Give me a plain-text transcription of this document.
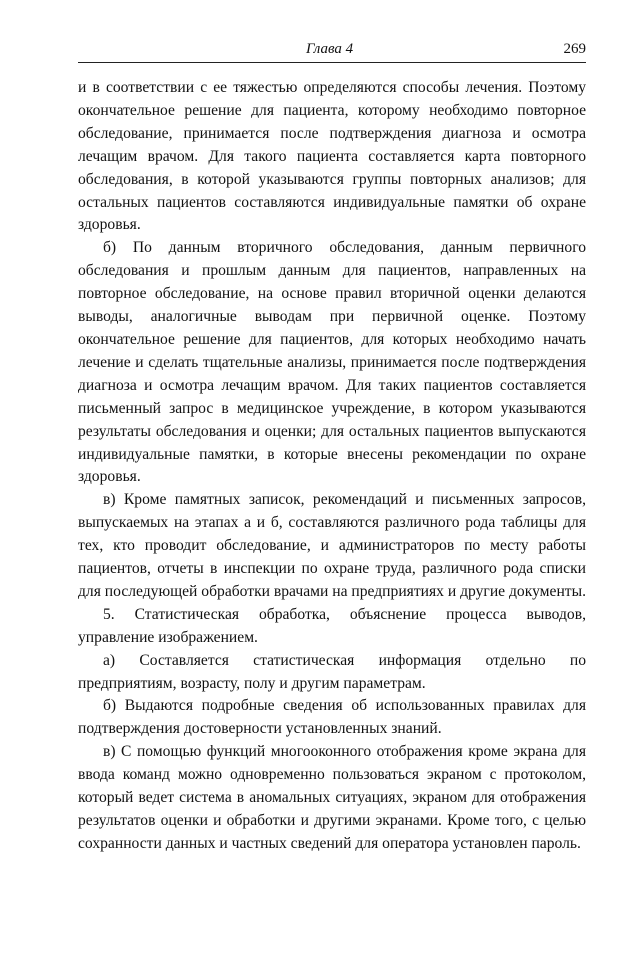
Глава 4	269

и в соответствии с ее тяжестью определяются способы лечения. Поэтому окончательное решение для пациента, которому необходимо повторное обследование, принимается после подтверждения диагноза и осмотра лечащим врачом. Для такого пациента составляется карта повторного обследования, в которой указываются группы повторных анализов; для остальных пациентов составляются индивидуальные памятки об охране здоровья.

б) По данным вторичного обследования, данным первичного обследования и прошлым данным для пациентов, направленных на повторное обследование, на основе правил вторичной оценки делаются выводы, аналогичные выводам при первичной оценке. Поэтому окончательное решение для пациентов, для которых необходимо начать лечение и сделать тщательные анализы, принимается после подтверждения диагноза и осмотра лечащим врачом. Для таких пациентов составляется письменный запрос в медицинское учреждение, в котором указываются результаты обследования и оценки; для остальных пациентов выпускаются индивидуальные памятки, в которые внесены рекомендации по охране здоровья.

в) Кроме памятных записок, рекомендаций и письменных запросов, выпускаемых на этапах а и б, составляются различного рода таблицы для тех, кто проводит обследование, и администраторов по месту работы пациентов, отчеты в инспекции по охране труда, различного рода списки для последующей обработки врачами на предприятиях и другие документы.

5. Статистическая обработка, объяснение процесса выводов, управление изображением.

а) Составляется статистическая информация отдельно по предприятиям, возрасту, полу и другим параметрам.

б) Выдаются подробные сведения об использованных правилах для подтверждения достоверности установленных знаний.

в) С помощью функций многооконного отображения кроме экрана для ввода команд можно одновременно пользоваться экраном с протоколом, который ведет система в аномальных ситуациях, экраном для отображения результатов оценки и обработки и другими экранами. Кроме того, с целью сохранности данных и частных сведений для оператора установлен пароль.
